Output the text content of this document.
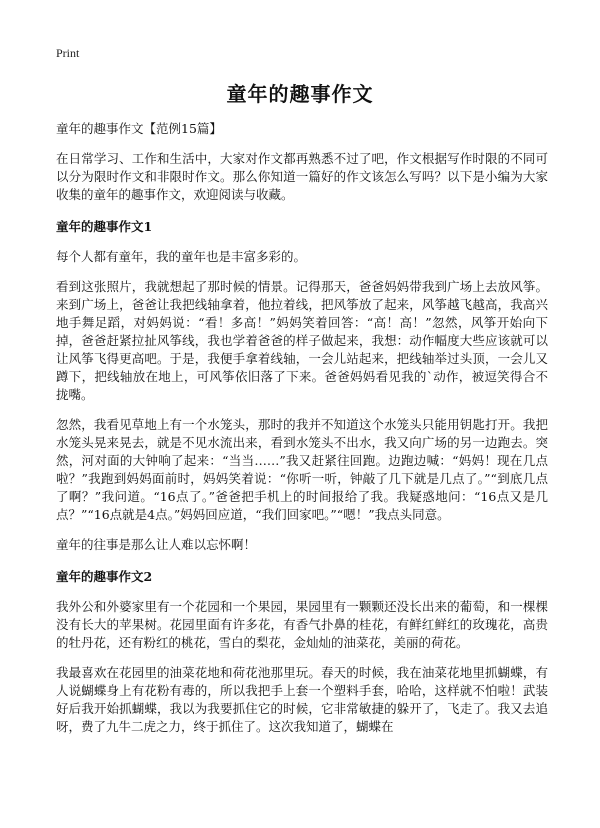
Print
童年的趣事作文
童年的趣事作文【范例15篇】

在日常学习、工作和生活中，大家对作文都再熟悉不过了吧，作文根据写作时限的不同可以分为限时作文和非限时作文。那么你知道一篇好的作文该怎么写吗？以下是小编为大家收集的童年的趣事作文，欢迎阅读与收藏。

童年的趣事作文1

每个人都有童年，我的童年也是丰富多彩的。

看到这张照片，我就想起了那时候的情景。记得那天，爸爸妈妈带我到广场上去放风筝。来到广场上，爸爸让我把线轴拿着，他拉着线，把风筝放了起来，风筝越飞越高，我高兴地手舞足蹈，对妈妈说：“看！多高！”妈妈笑着回答：“高！高！”忽然，风筝开始向下掉，爸爸赶紧拉扯风筝线，我也学着爸爸的样子做起来，我想：动作幅度大些应该就可以让风筝飞得更高吧。于是，我便手拿着线轴，一会儿站起来，把线轴举过头顶，一会儿又蹲下，把线轴放在地上，可风筝依旧落了下来。爸爸妈妈看见我的`动作，被逗笑得合不拢嘴。

忽然，我看见草地上有一个水笼头，那时的我并不知道这个水笼头只能用钥匙打开。我把水笼头晃来晃去，就是不见水流出来，看到水笼头不出水，我又向广场的另一边跑去。突然，河对面的大钟响了起来：“当当……”我又赶紧往回跑。边跑边喊：“妈妈！现在几点啦？”我跑到妈妈面前时，妈妈笑着说：“你听一听，钟敲了几下就是几点了。”“到底几点了啊？”我问道。“16点了。”爸爸把手机上的时间报给了我。我疑惑地问：“16点又是几点？”“16点就是4点。”妈妈回应道，“我们回家吧。”“嗯！”我点头同意。

童年的往事是那么让人难以忘怀啊！

童年的趣事作文2

我外公和外婆家里有一个花园和一个果园，果园里有一颗颗还没长出来的葡萄，和一棵棵没有长大的苹果树。花园里面有许多花，有香气扑鼻的桂花，有鲜红鲜红的玫瑰花，高贵的牡丹花，还有粉红的桃花，雪白的梨花，金灿灿的油菜花，美丽的荷花。

我最喜欢在花园里的油菜花地和荷花池那里玩。春天的时候，我在油菜花地里抓蝴蝶，有人说蝴蝶身上有花粉有毒的，所以我把手上套一个塑料手套，哈哈，这样就不怕啦！武装好后我开始抓蝴蝶，我以为我要抓住它的时候，它非常敏捷的躲开了，飞走了。我又去追呀，费了九牛二虎之力，终于抓住了。这次我知道了，蝴蝶在
